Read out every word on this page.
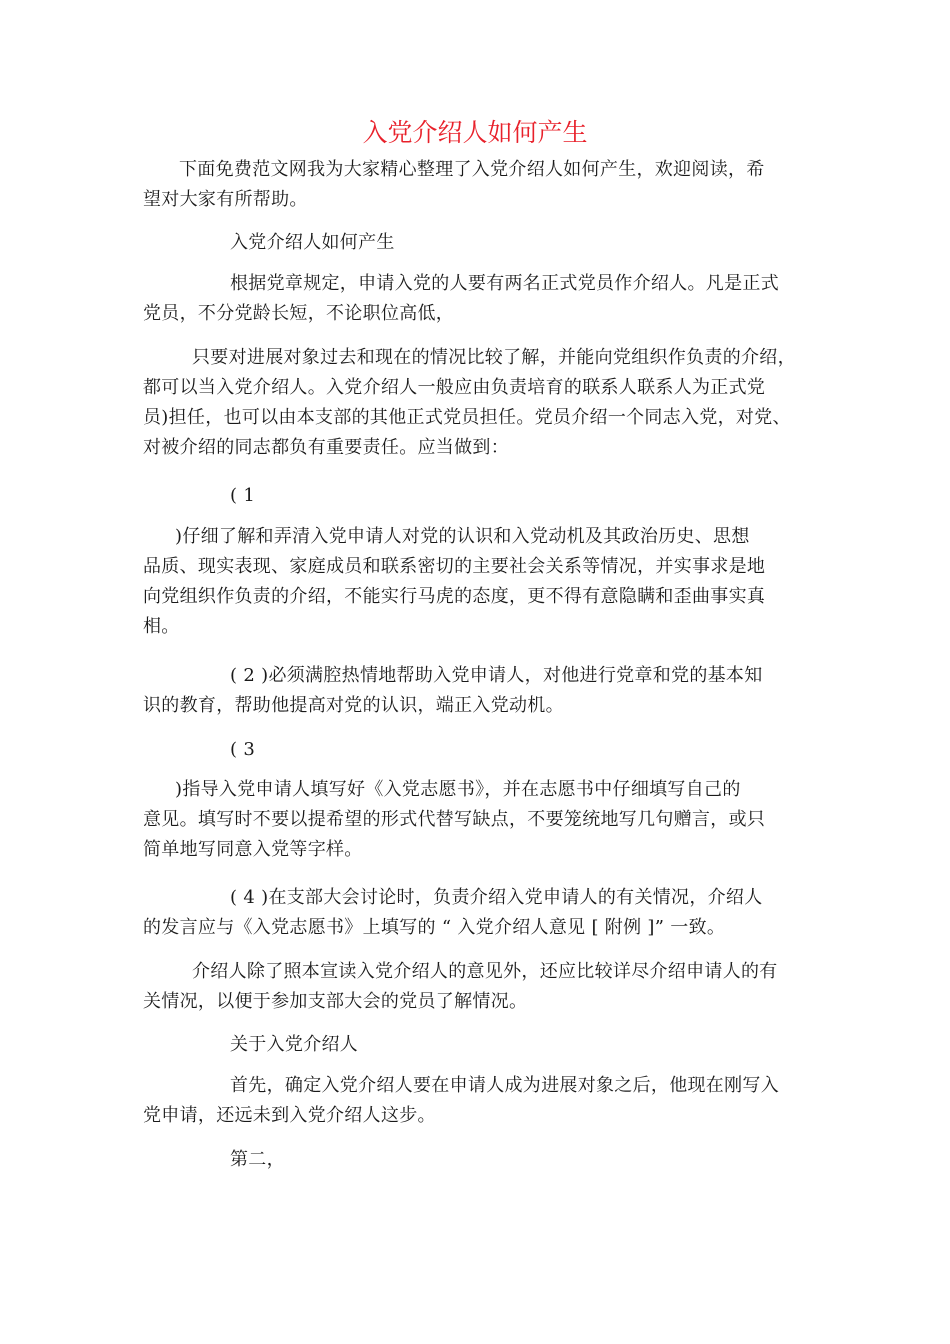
入党介绍人如何产生
下面免费范文网我为大家精心整理了入党介绍人如何产生，欢迎阅读，希
望对大家有所帮助。
入党介绍人如何产生
根据党章规定，申请入党的人要有两名正式党员作介绍人。凡是正式
党员，不分党龄长短，不论职位高低，
只要对进展对象过去和现在的情况比较了解，并能向党组织作负责的介绍，
都可以当入党介绍人。入党介绍人一般应由负责培育的联系人联系人为正式党
员)担任，也可以由本支部的其他正式党员担任。党员介绍一个同志入党，对党、
对被介绍的同志都负有重要责任。应当做到：
( 1
)仔细了解和弄清入党申请人对党的认识和入党动机及其政治历史、思想
品质、现实表现、家庭成员和联系密切的主要社会关系等情况，并实事求是地
向党组织作负责的介绍，不能实行马虎的态度，更不得有意隐瞒和歪曲事实真
相。
( 2 )必须满腔热情地帮助入党申请人，对他进行党章和党的基本知
识的教育，帮助他提高对党的认识，端正入党动机。
( 3
)指导入党申请人填写好《入党志愿书》，并在志愿书中仔细填写自己的
意见。填写时不要以提希望的形式代替写缺点，不要笼统地写几句赠言，或只
简单地写同意入党等字样。
( 4 )在支部大会讨论时，负责介绍入党申请人的有关情况，介绍人
的发言应与《入党志愿书》上填写的 “ 入党介绍人意见 [ 附例 ]” 一致。
介绍人除了照本宣读入党介绍人的意见外，还应比较详尽介绍申请人的有
关情况，以便于参加支部大会的党员了解情况。
关于入党介绍人
首先，确定入党介绍人要在申请人成为进展对象之后，他现在刚写入
党申请，还远未到入党介绍人这步。
第二，
